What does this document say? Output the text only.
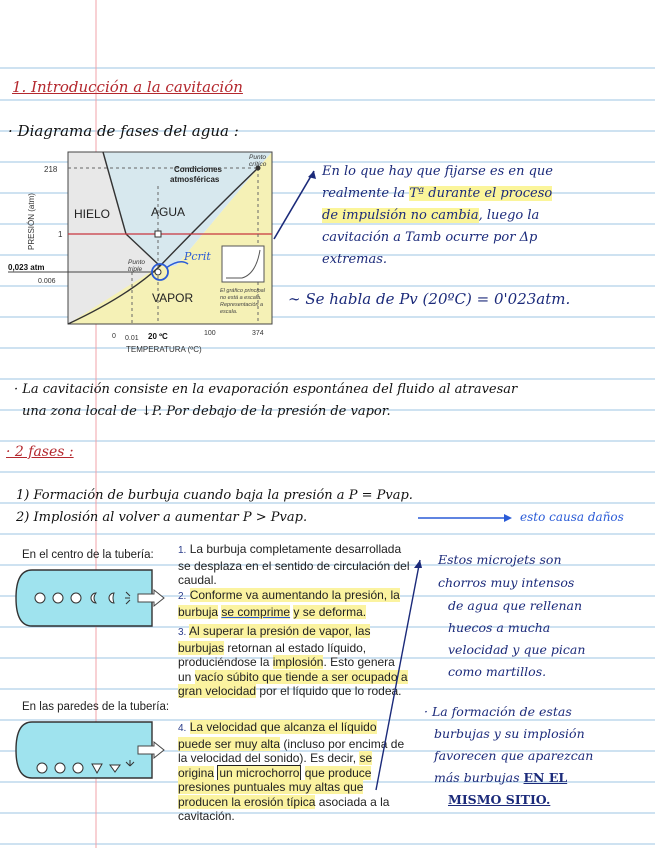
1. Introducción a la cavitación
· Diagrama de fases del agua :
PRESIÓN (atm)
218
1
0,023 atm
0.006
0 0.01 20 ºC	100	374
TEMPERATURA (ºC)
HIELO	AGUA
VAPOR
Condiciones
atmosféricas
Punto
crítico
Punto
triple
Pcrit
El gráfico principal
no está a escala.
Representación a
escala.
En lo que hay que fijarse es en que
realmente la Tª durante el proceso
de impulsión no cambia, luego la
cavitación a Tamb ocurre por Δp
extremas.
∼ Se habla de Pv (20ºC) = 0'023atm.
· La cavitación consiste en la evaporación espontánea del fluido al atravesar
una zona local de ↓P. Por debajo de la presión de vapor.
· 2 fases :
1) Formación de burbuja cuando baja la presión a P = Pvap.
2) Implosión al volver a aumentar P > Pvap.	esto causa daños
En el centro de la tubería:
En las paredes de la tubería:
1. La burbuja completamente desarrollada se desplaza en el sentido de circulación del caudal.
2. Conforme va aumentando la presión, la burbuja se comprime y se deforma.
3. Al superar la presión de vapor, las burbujas retornan al estado líquido, produciéndose la implosión. Esto genera un vacío súbito que tiende a ser ocupado a gran velocidad por el líquido que lo rodea.
4. La velocidad que alcanza el líquido puede ser muy alta (incluso por encima de la velocidad del sonido). Es decir, se origina un microchorro que produce presiones puntuales muy altas que producen la erosión típica asociada a la cavitación.
Estos microjets son
chorros muy intensos
de agua que rellenan
huecos a mucha
velocidad y que pican
como martillos.
· La formación de estas
burbujas y su implosión
favorecen que aparezcan
más burbujas EN EL
MISMO SITIO.
